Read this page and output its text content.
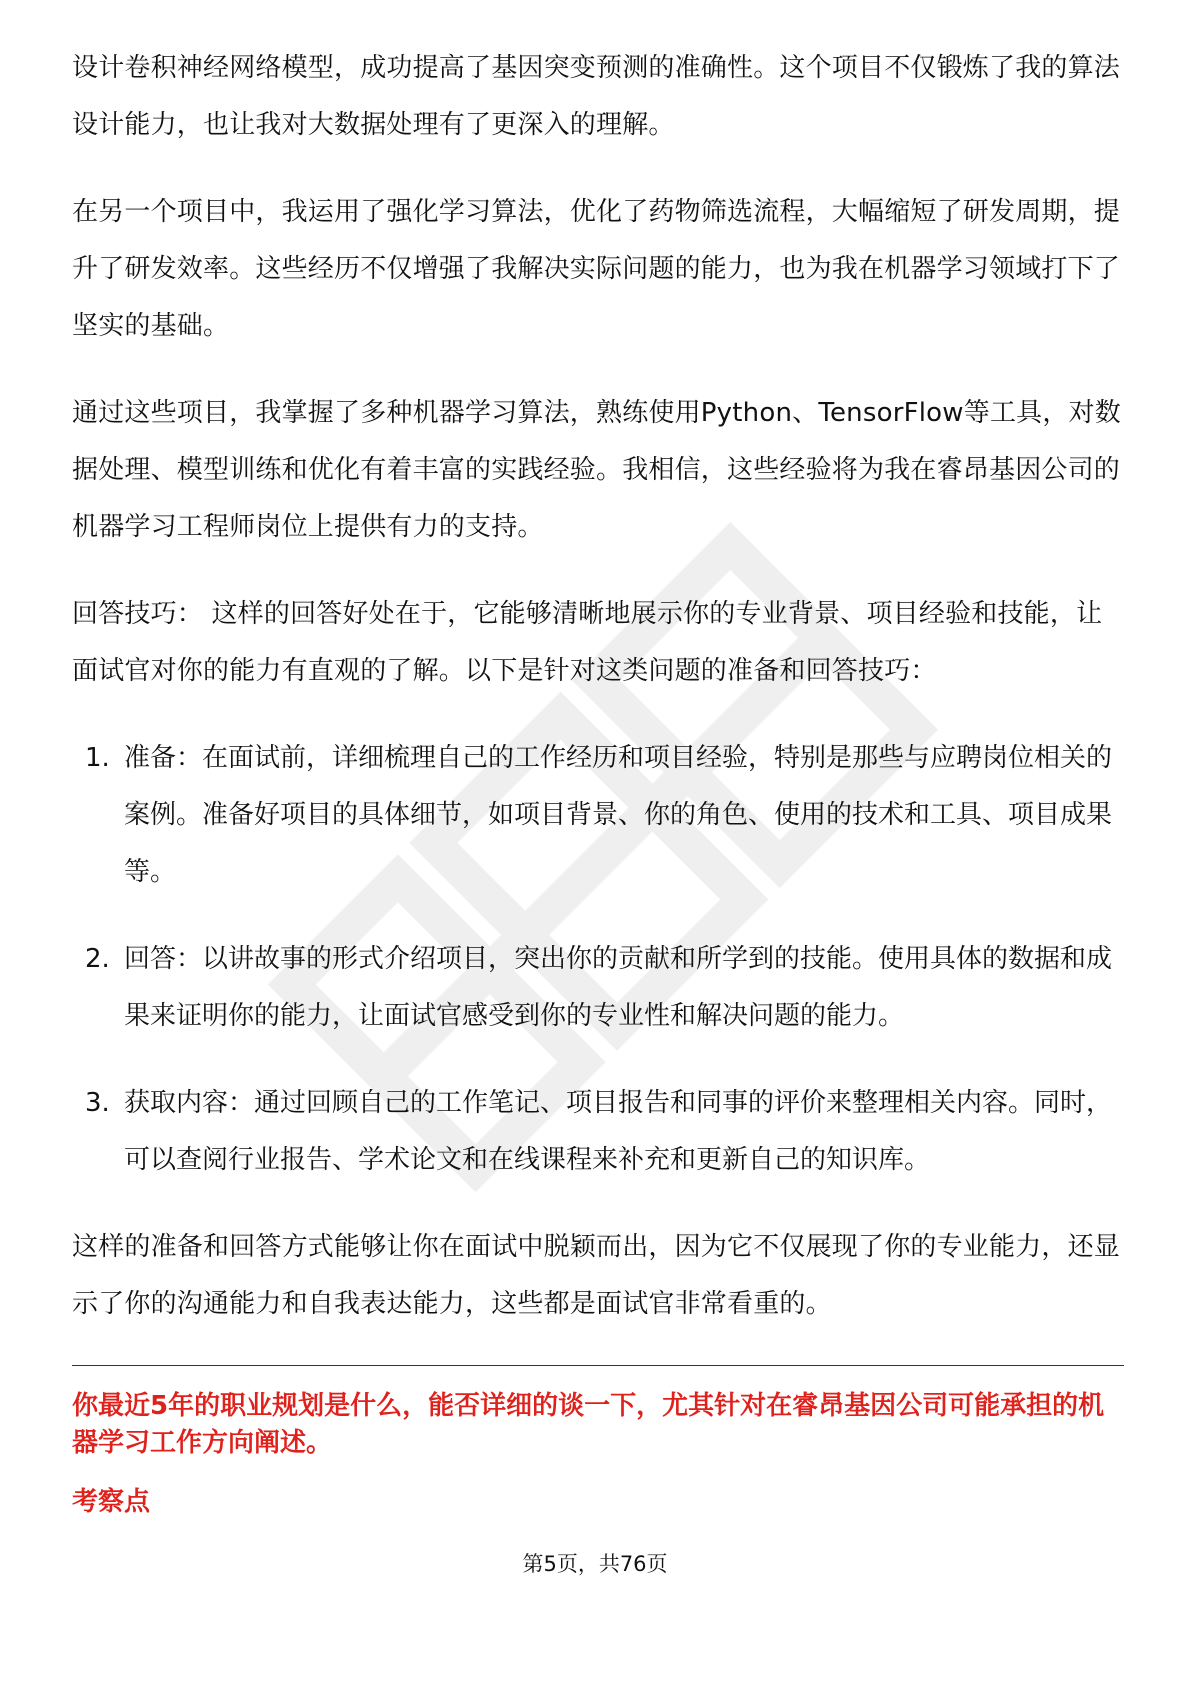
设计卷积神经网络模型，成功提高了基因突变预测的准确性。这个项目不仅锻炼了我的算法设计能力，也让我对大数据处理有了更深入的理解。

在另一个项目中，我运用了强化学习算法，优化了药物筛选流程，大幅缩短了研发周期，提升了研发效率。这些经历不仅增强了我解决实际问题的能力，也为我在机器学习领域打下了坚实的基础。

通过这些项目，我掌握了多种机器学习算法，熟练使用Python、TensorFlow等工具，对数据处理、模型训练和优化有着丰富的实践经验。我相信，这些经验将为我在睿昂基因公司的机器学习工程师岗位上提供有力的支持。

回答技巧： 这样的回答好处在于，它能够清晰地展示你的专业背景、项目经验和技能，让面试官对你的能力有直观的了解。以下是针对这类问题的准备和回答技巧：

1. 准备：在面试前，详细梳理自己的工作经历和项目经验，特别是那些与应聘岗位相关的案例。准备好项目的具体细节，如项目背景、你的角色、使用的技术和工具、项目成果等。
2. 回答：以讲故事的形式介绍项目，突出你的贡献和所学到的技能。使用具体的数据和成果来证明你的能力，让面试官感受到你的专业性和解决问题的能力。
3. 获取内容：通过回顾自己的工作笔记、项目报告和同事的评价来整理相关内容。同时，可以查阅行业报告、学术论文和在线课程来补充和更新自己的知识库。

这样的准备和回答方式能够让你在面试中脱颖而出，因为它不仅展现了你的专业能力，还显示了你的沟通能力和自我表达能力，这些都是面试官非常看重的。

你最近5年的职业规划是什么，能否详细的谈一下，尤其针对在睿昂基因公司可能承担的机器学习工作方向阐述。

考察点

第5页，共76页
